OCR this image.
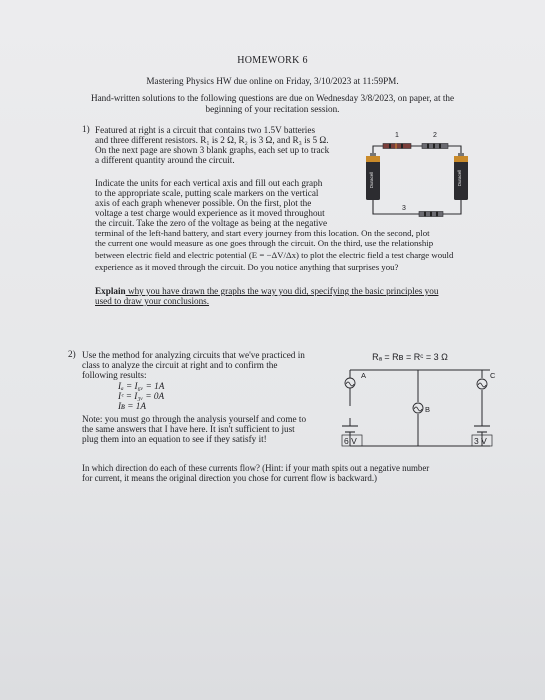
HOMEWORK 6
Mastering Physics HW due online on Friday, 3/10/2023 at 11:59PM.
Hand-written solutions to the following questions are due on Wednesday 3/8/2023, on paper, at the
beginning of your recitation session.
1) Featured at right is a circuit that contains two 1.5V batteries
and three different resistors. R₁ is 2 Ω, R₂ is 3 Ω, and R₃ is 5 Ω.
On the next page are shown 3 blank graphs, each set up to track
a different quantity around the circuit.
Indicate the units for each vertical axis and fill out each graph
to the appropriate scale, putting scale markers on the vertical
axis of each graph whenever possible. On the first, plot the
voltage a test charge would experience as it moved throughout
the circuit. Take the zero of the voltage as being at the negative
terminal of the left-hand battery, and start every journey from this location. On the second, plot
the current one would measure as one goes through the circuit. On the third, use the relationship
between electric field and electric potential (E = −ΔV/Δx) to plot the electric field a test charge would
experience as it moved through the circuit. Do you notice anything that surprises you?
Explain why you have drawn the graphs the way you did, specifying the basic principles you
used to draw your conclusions.
Duracell	Duracell
1	2
3
2) Use the method for analyzing circuits that we've practiced in
class to analyze the circuit at right and to confirm the
following results:
Iₐ = I₆ᵥ = 1A
Iᶜ = I₃ᵥ = 0A
Iʙ = 1A
Note: you must go through the analysis yourself and come to
the same answers that I have here. It isn't sufficient to just
plug them into an equation to see if they satisfy it!
In which direction do each of these currents flow? (Hint: if your math spits out a negative number
for current, it means the original direction you chose for current flow is backward.)
Rₐ = Rʙ = Rᶜ = 3 Ω
A
B
C
6 V	3 V
